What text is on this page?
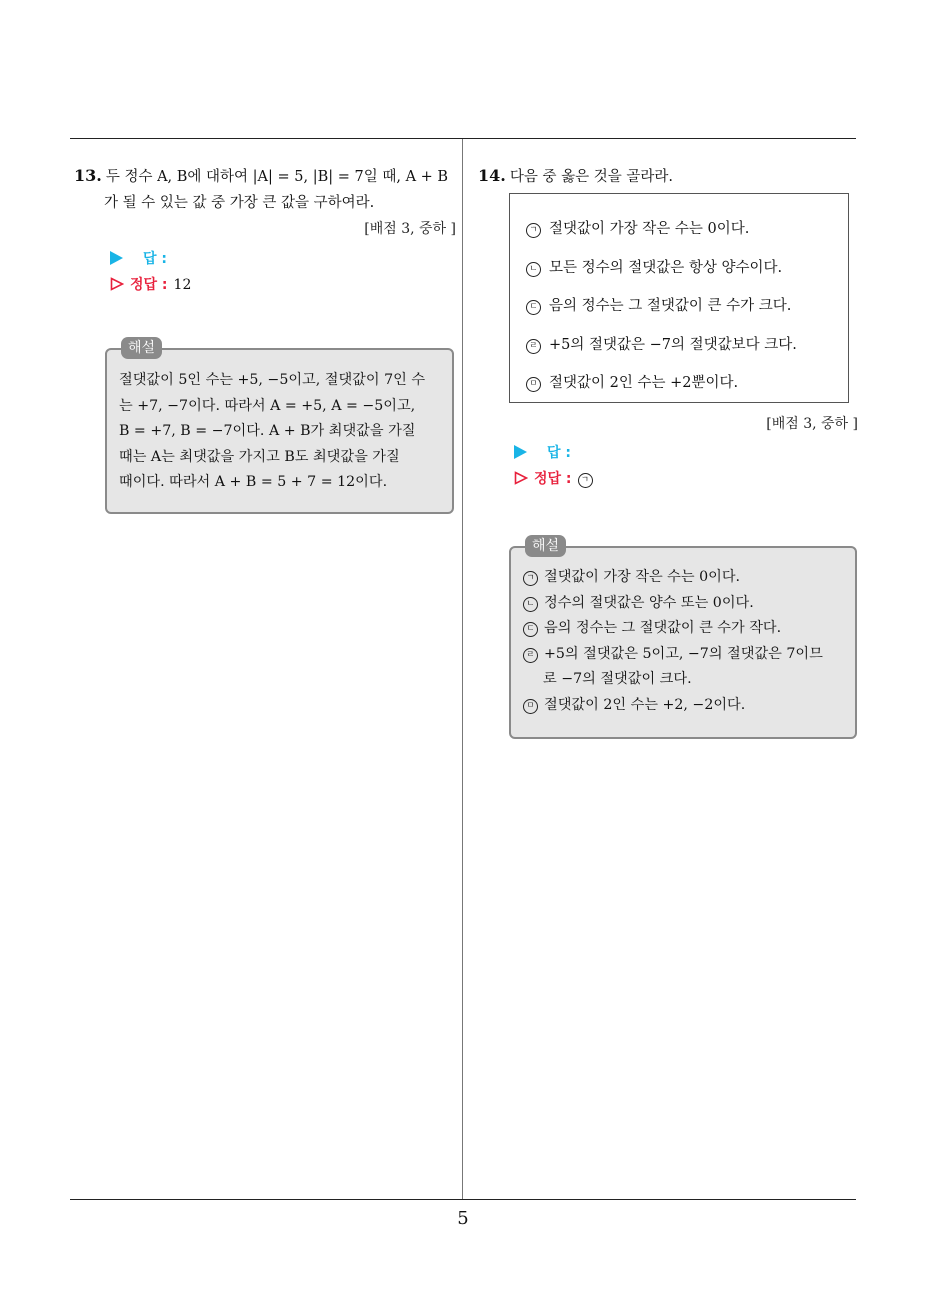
5
13. 두 정수 A, B에 대하여 |A| = 5, |B| = 7일 때, A + B
가 될 수 있는 값 중 가장 큰 값을 구하여라.
[배점 3, 중하 ]
답 :
정답 : 12
해설
절댓값이 5인 수는 +5, −5이고, 절댓값이 7인 수
는 +7, −7이다. 따라서 A = +5, A = −5이고,
B = +7, B = −7이다. A + B가 최댓값을 가질
때는 A는 최댓값을 가지고 B도 최댓값을 가질
때이다. 따라서 A + B = 5 + 7 = 12이다.
14. 다음 중 옳은 것을 골라라.
ㄱ 절댓값이 가장 작은 수는 0이다.
ㄴ 모든 정수의 절댓값은 항상 양수이다.
ㄷ 음의 정수는 그 절댓값이 큰 수가 크다.
ㄹ +5의 절댓값은 −7의 절댓값보다 크다.
ㅁ 절댓값이 2인 수는 +2뿐이다.
[배점 3, 중하 ]
답 :
정답 : ㄱ
해설
ㄱ 절댓값이 가장 작은 수는 0이다.
ㄴ 정수의 절댓값은 양수 또는 0이다.
ㄷ 음의 정수는 그 절댓값이 큰 수가 작다.
ㄹ +5의 절댓값은 5이고, −7의 절댓값은 7이므
로 −7의 절댓값이 크다.
ㅁ 절댓값이 2인 수는 +2, −2이다.
